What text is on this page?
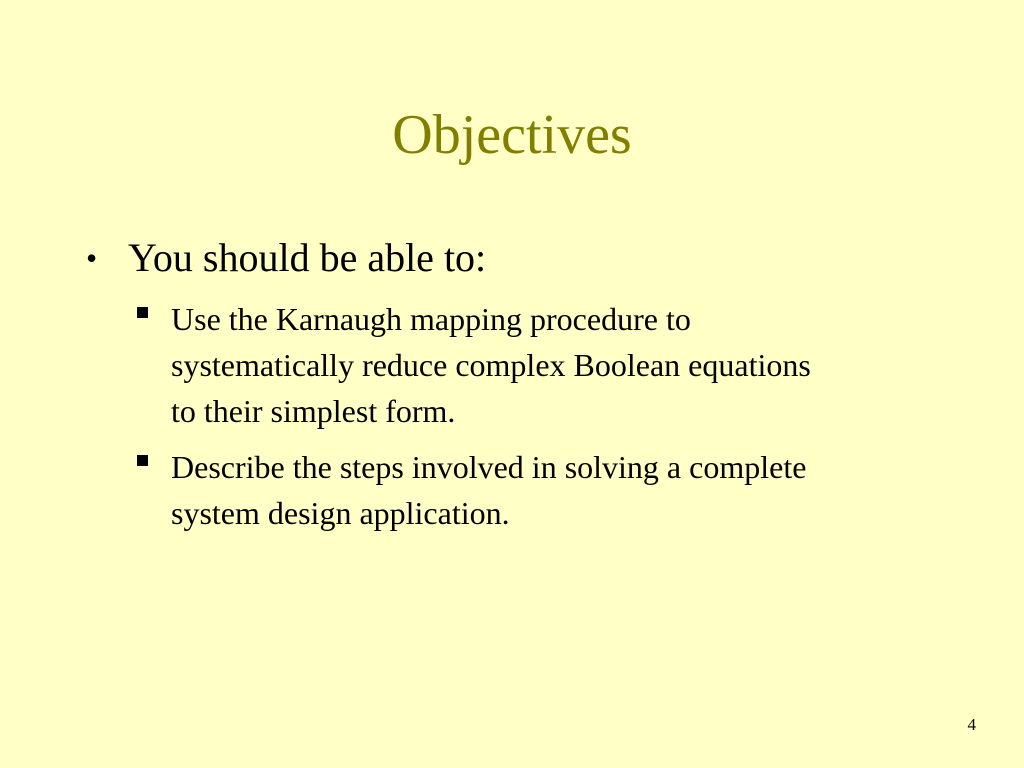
Objectives
• You should be able to:
Use the Karnaugh mapping procedure to systematically reduce complex Boolean equations to their simplest form.
Describe the steps involved in solving a complete system design application.
4
